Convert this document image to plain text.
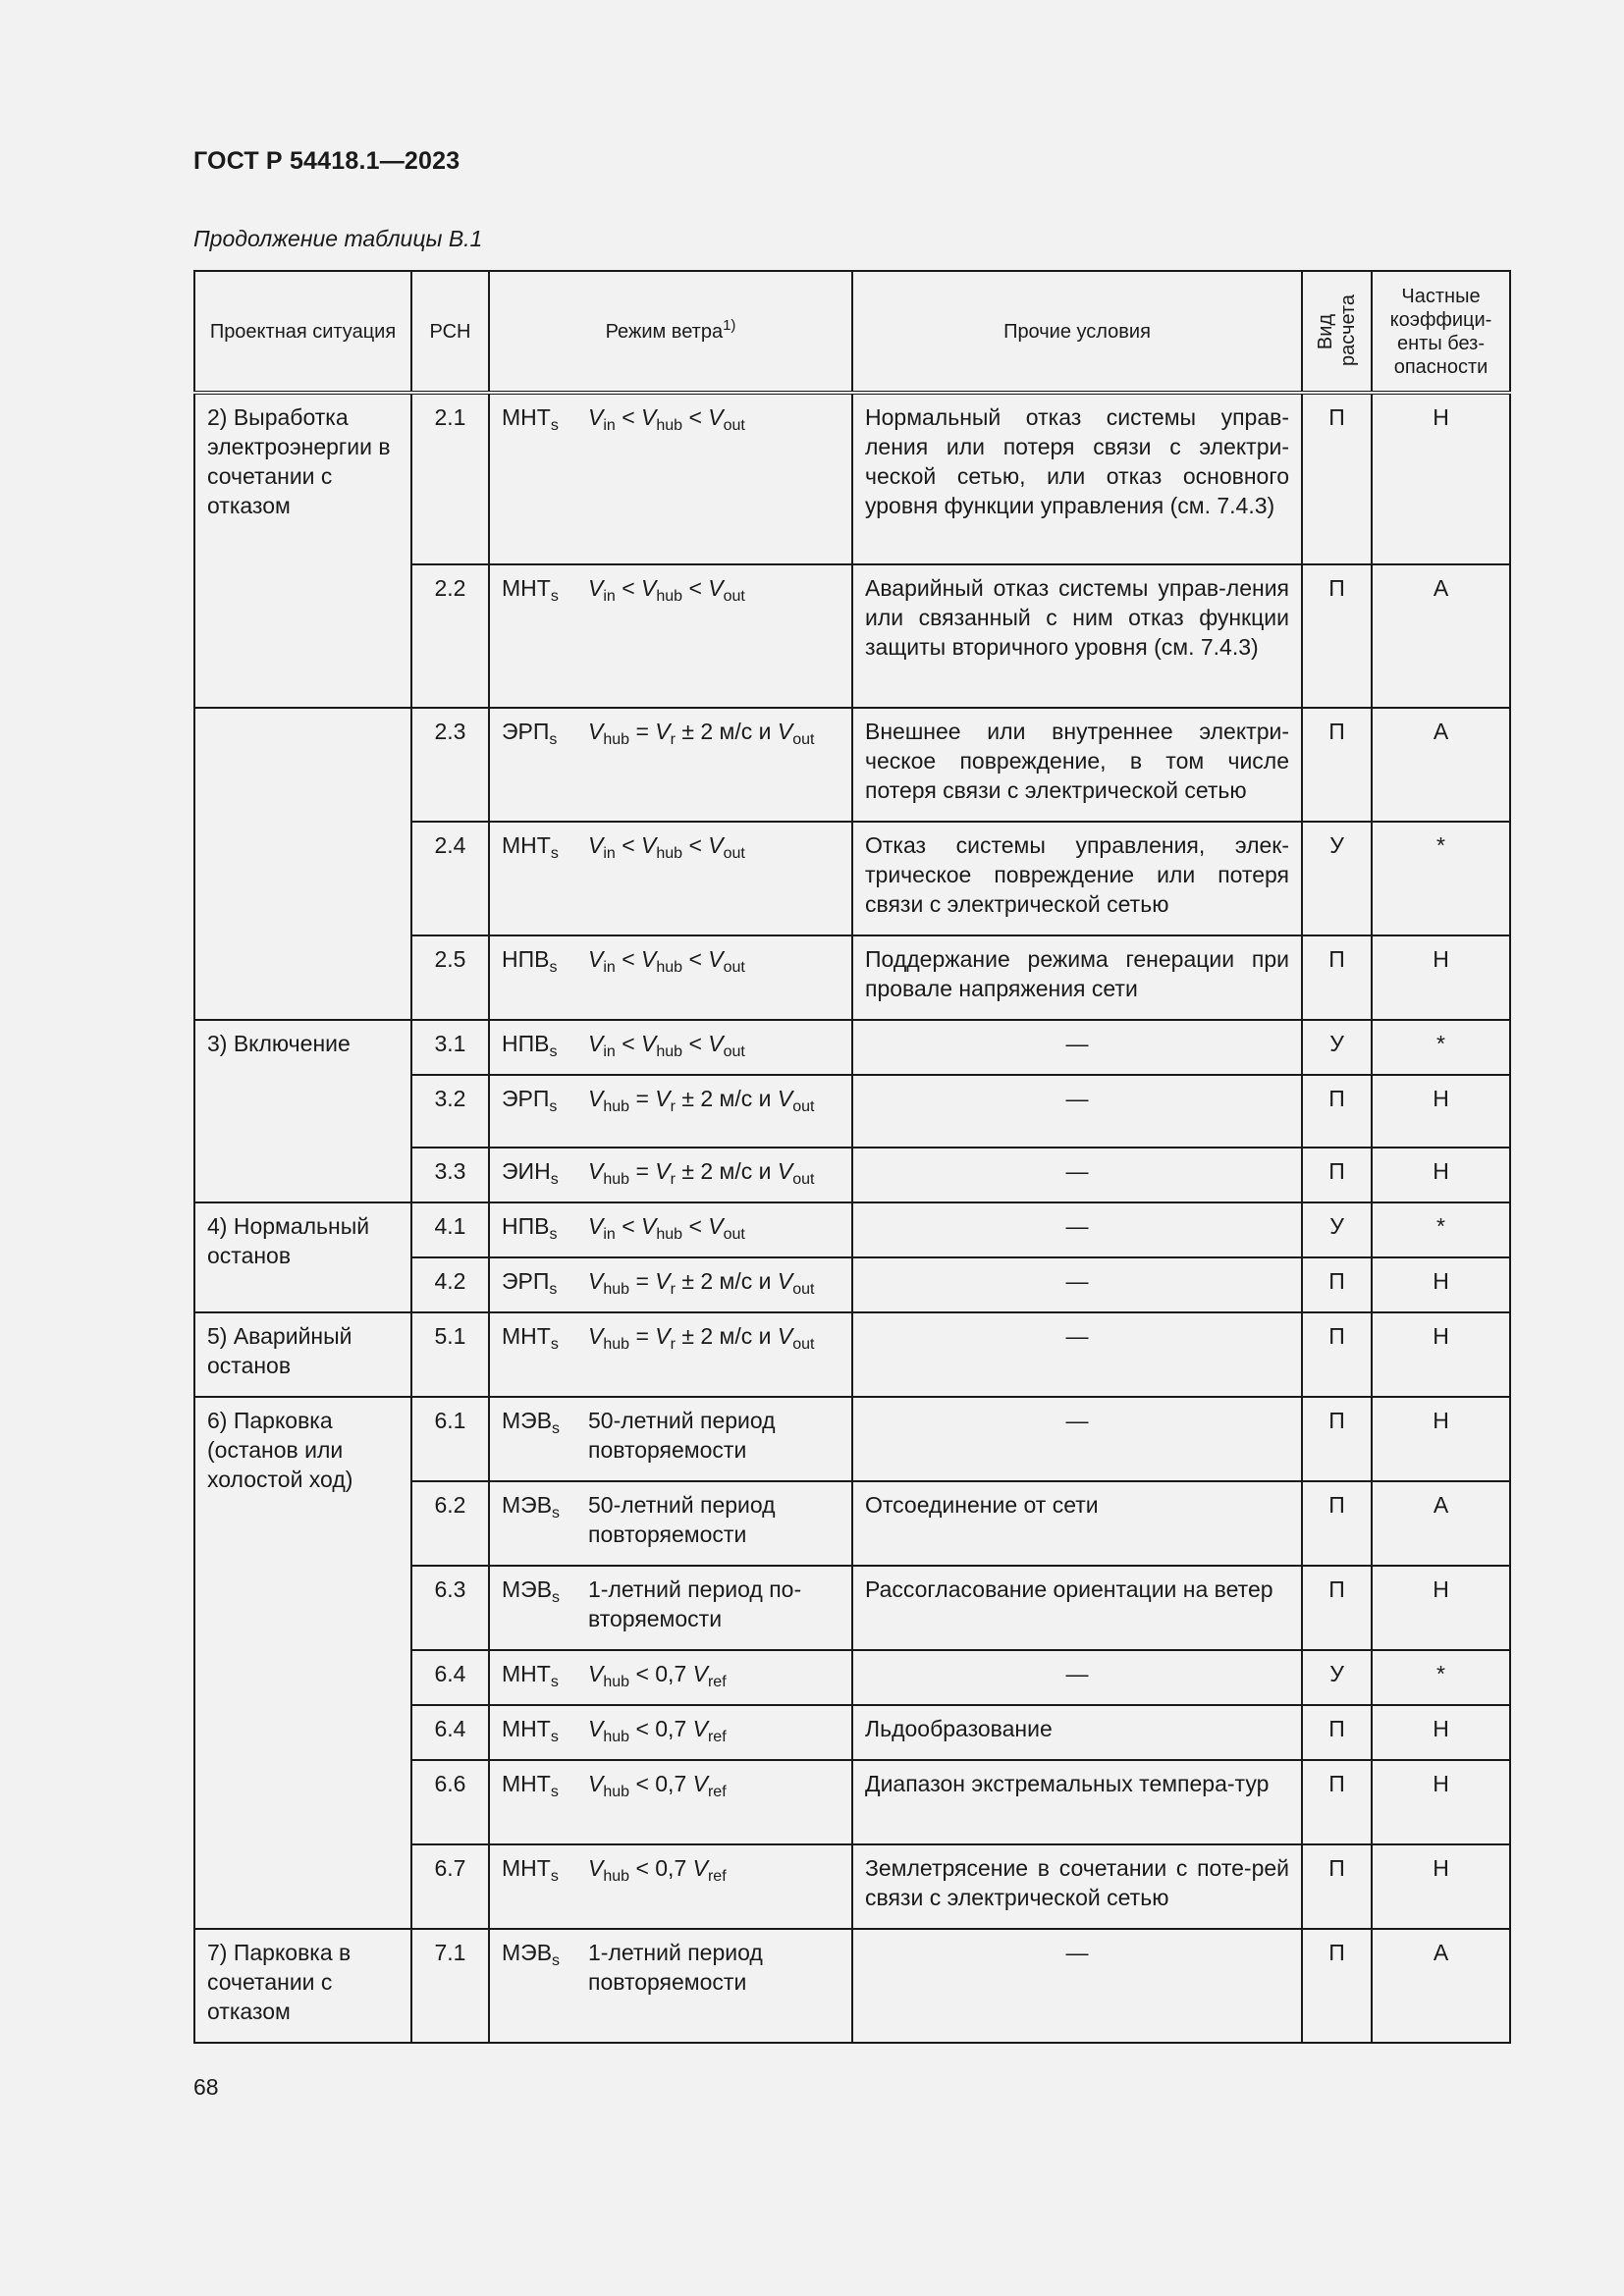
ГОСТ Р 54418.1—2023
Продолжение таблицы В.1
Проектная ситуация	РСН	Режим ветра$^{1)}$	Прочие условия	Вид расчета	Частные коэффици-енты без-опасности
2) Выработка электроэнергии в сочетании с отказом	2.1	$МНТ_s$ $V_{in} < V_{hub} < V_{out}$	Нормальный отказ системы управ-ления или потеря связи с электри-ческой сетью, или отказ основного уровня функции управления (см. 7.4.3)	П	Н
	2.2	$МНТ_s$ $V_{in} < V_{hub} < V_{out}$	Аварийный отказ системы управ-ления или связанный с ним отказ функции защиты вторичного уровня (см. 7.4.3)	П	А
	2.3	$ЭРП_s$ $V_{hub} = V_r \pm 2$ м/с и $V_{out}$	Внешнее или внутреннее электри-ческое повреждение, в том числе потеря связи с электрической сетью	П	А
	2.4	$МНТ_s$ $V_{in} < V_{hub} < V_{out}$	Отказ системы управления, элек-трическое повреждение или потеря связи с электрической сетью	У	*
	2.5	$НПВ_s$ $V_{in} < V_{hub} < V_{out}$	Поддержание режима генерации при провале напряжения сети	П	Н
3) Включение	3.1	$НПВ_s$ $V_{in} < V_{hub} < V_{out}$	—	У	*
	3.2	$ЭРП_s$ $V_{hub} = V_r \pm 2$ м/с и $V_{out}$	—	П	Н
	3.3	$ЭИН_s$ $V_{hub} = V_r \pm 2$ м/с и $V_{out}$	—	П	Н
4) Нормальный останов	4.1	$НПВ_s$ $V_{in} < V_{hub} < V_{out}$	—	У	*
	4.2	$ЭРП_s$ $V_{hub} = V_r \pm 2$ м/с и $V_{out}$	—	П	Н
5) Аварийный останов	5.1	$МНТ_s$ $V_{hub} = V_r \pm 2$ м/с и $V_{out}$	—	П	Н
6) Парковка (останов или холостой ход)	6.1	$МЭВ_s$ 50-летний период повторяемости	—	П	Н
	6.2	$МЭВ_s$ 50-летний период повторяемости	Отсоединение от сети	П	А
	6.3	$МЭВ_s$ 1-летний период по-вторяемости	Рассогласование ориентации на ветер	П	Н
	6.4	$МНТ_s$ $V_{hub} < 0,7$ $V_{ref}$	—	У	*
	6.4	$МНТ_s$ $V_{hub} < 0,7$ $V_{ref}$	Льдообразование	П	Н
	6.6	$МНТ_s$ $V_{hub} < 0,7$ $V_{ref}$	Диапазон экстремальных темпера-тур	П	Н
	6.7	$МНТ_s$ $V_{hub} < 0,7$ $V_{ref}$	Землетрясение в сочетании с поте-рей связи с электрической сетью	П	Н
7) Парковка в сочетании с отказом	7.1	$МЭВ_s$ 1-летний период повторяемости	—	П	А
68
